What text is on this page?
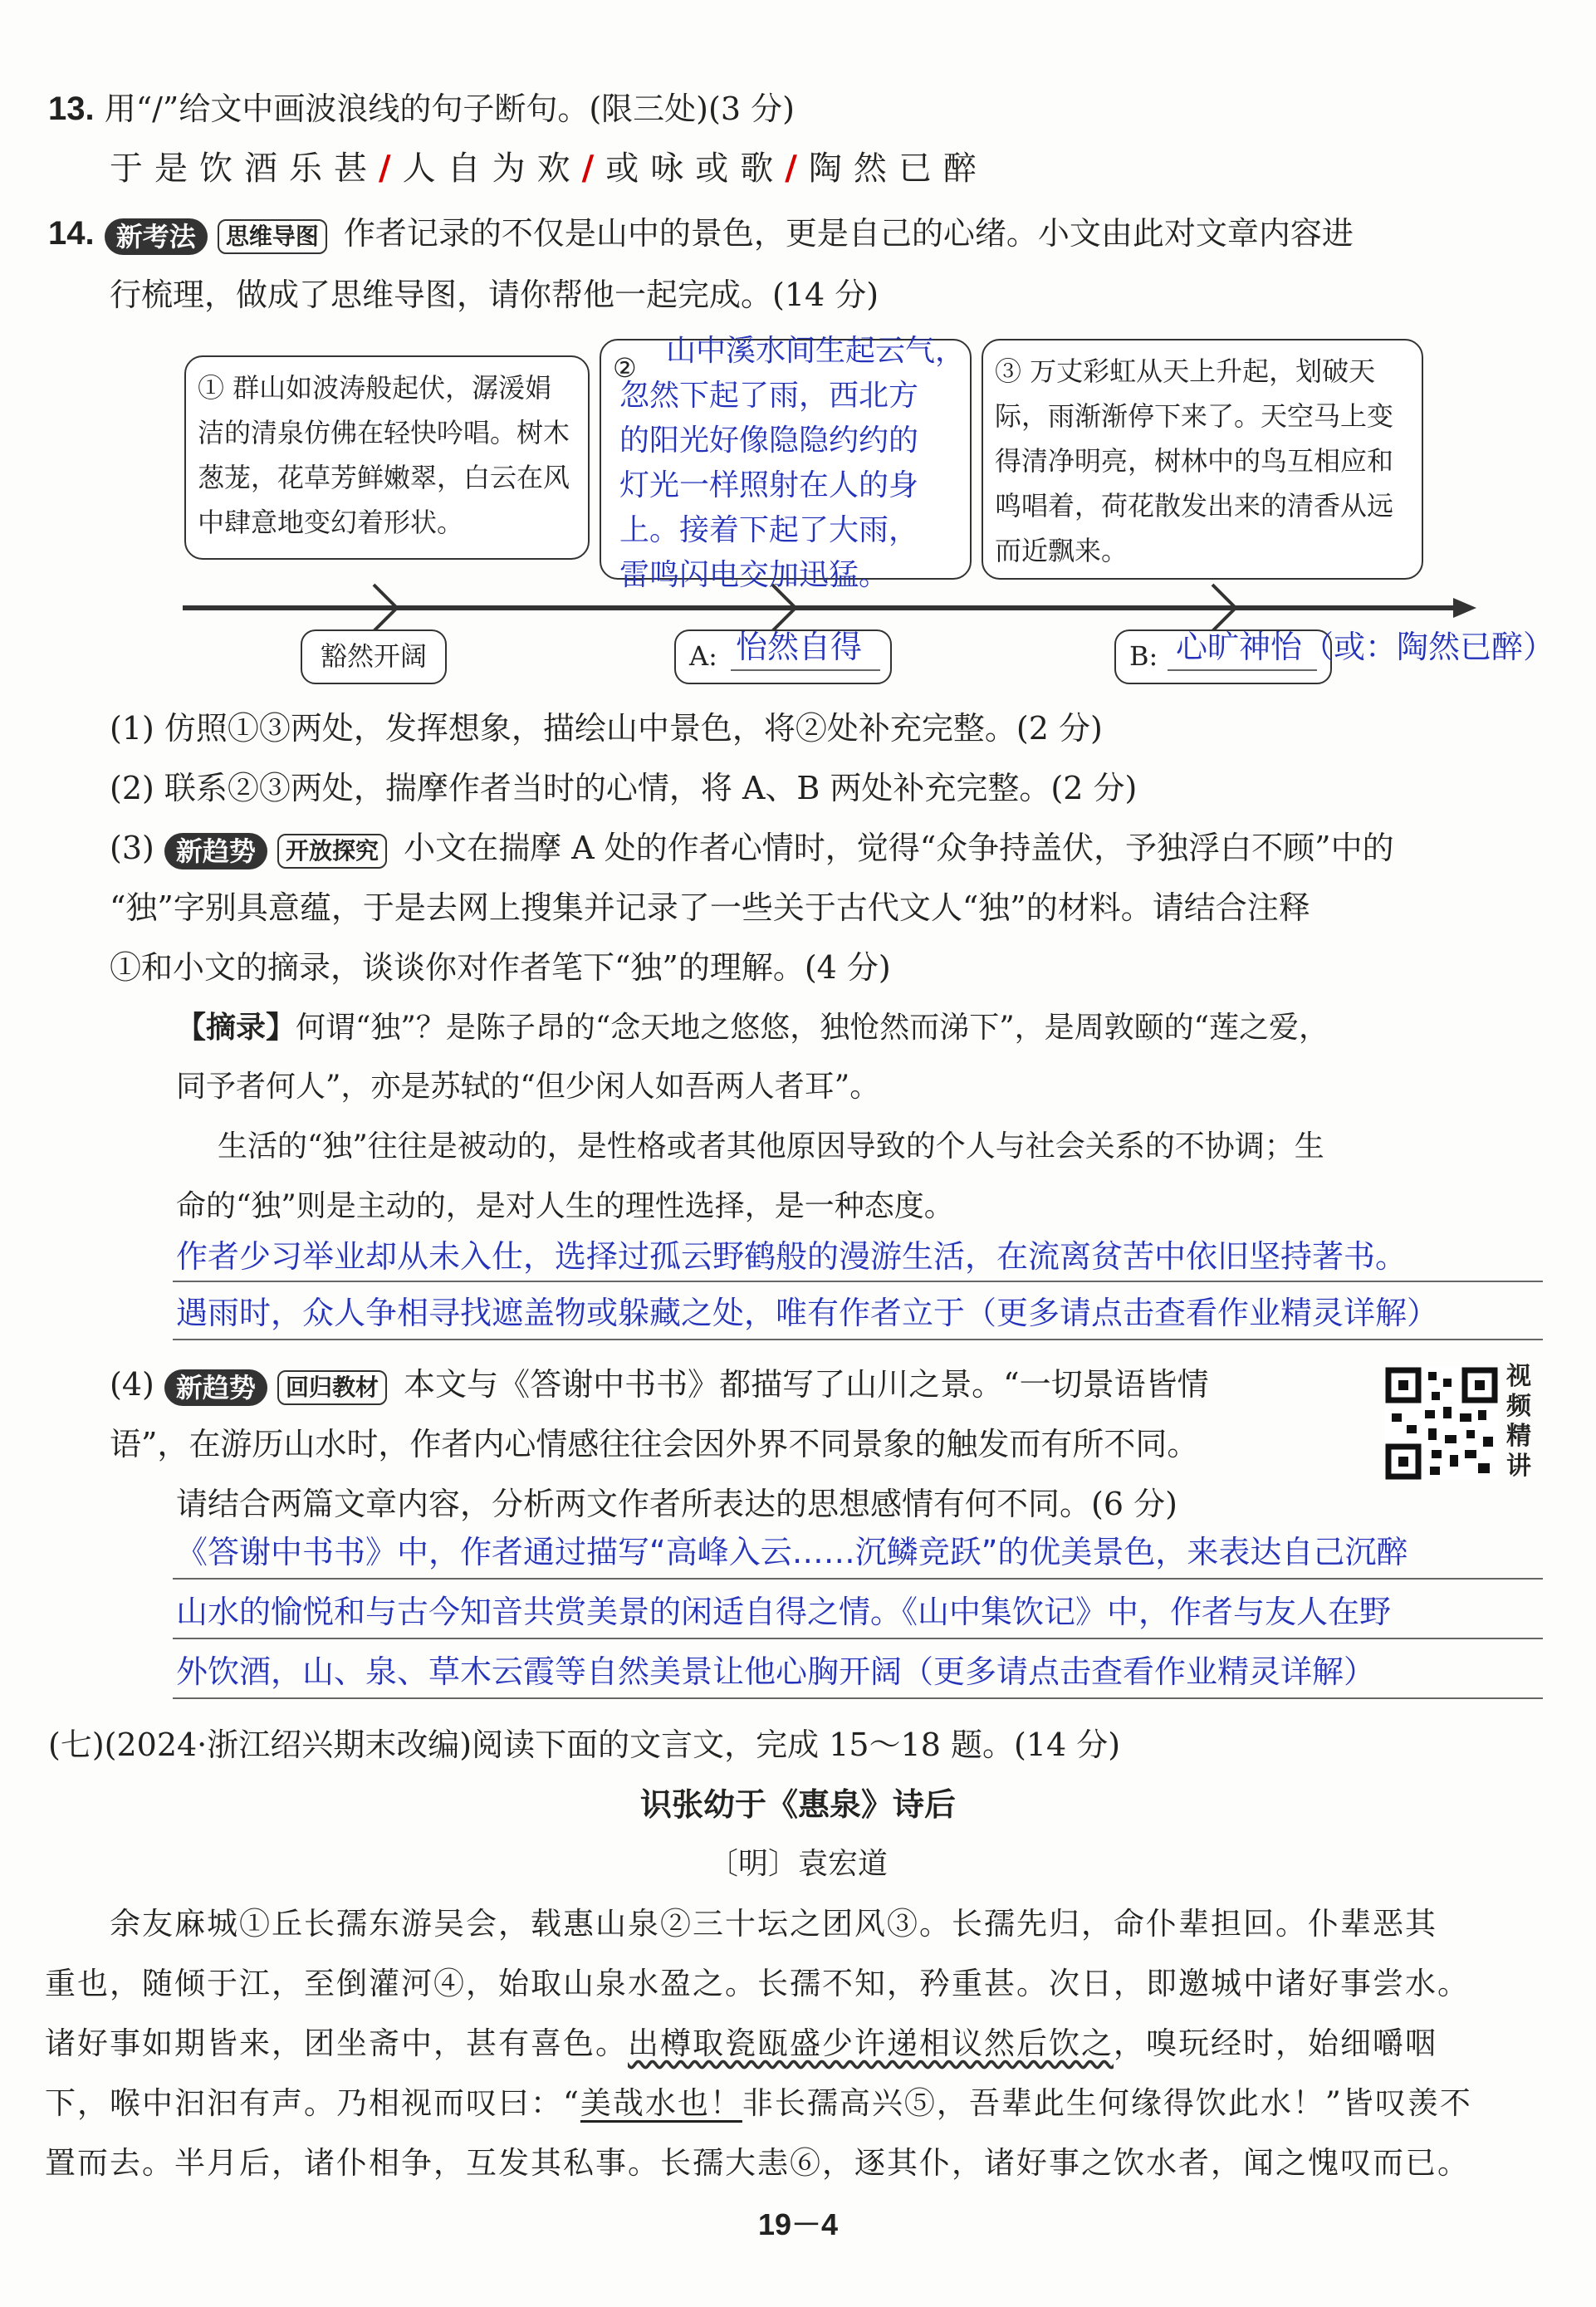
13. 用“/”给文中画波浪线的句子断句。(限三处)(3 分)
于是饮酒乐甚/人自为欢/或咏或歌/陶然已醉
14. 新考法 思维导图 作者记录的不仅是山中的景色，更是自己的心绪。小文由此对文章内容进
行梳理，做成了思维导图，请你帮他一起完成。(14 分)
① 群山如波涛般起伏，潺湲娟洁的清泉仿佛在轻快吟唱。树木葱茏，花草芳鲜嫩翠，白云在风中肆意地变幻着形状。
② 山中溪水间生起云气，
忽然下起了雨，西北方
的阳光好像隐隐约约的
灯光一样照射在人的身
上。接着下起了大雨，
雷鸣闪电交加迅猛。
③ 万丈彩虹从天上升起，划破天际，雨渐渐停下来了。天空马上变得清净明亮，树林中的鸟互相应和鸣唱着，荷花散发出来的清香从远而近飘来。
豁然开阔	A: 怡然自得	B: 心旷神怡（或：陶然已醉）
(1) 仿照①③两处，发挥想象，描绘山中景色，将②处补充完整。(2 分)
(2) 联系②③两处，揣摩作者当时的心情，将 A、B 两处补充完整。(2 分)
(3) 新趋势 开放探究 小文在揣摩 A 处的作者心情时，觉得“众争持盖伏，予独浮白不顾”中的
“独”字别具意蕴，于是去网上搜集并记录了一些关于古代文人“独”的材料。请结合注释
①和小文的摘录，谈谈你对作者笔下“独”的理解。(4 分)
【摘录】何谓“独”？是陈子昂的“念天地之悠悠，独怆然而涕下”，是周敦颐的“莲之爱，
同予者何人”，亦是苏轼的“但少闲人如吾两人者耳”。
生活的“独”往往是被动的，是性格或者其他原因导致的个人与社会关系的不协调；生
命的“独”则是主动的，是对人生的理性选择，是一种态度。
作者少习举业却从未入仕，选择过孤云野鹤般的漫游生活，在流离贫苦中依旧坚持著书。
遇雨时，众人争相寻找遮盖物或躲藏之处，唯有作者立于（更多请点击查看作业精灵详解）
(4) 新趋势 回归教材 本文与《答谢中书书》都描写了山川之景。“一切景语皆情
语”，在游历山水时，作者内心情感往往会因外界不同景象的触发而有所不同。
请结合两篇文章内容，分析两文作者所表达的思想感情有何不同。(6 分)
视频精讲
《答谢中书书》中，作者通过描写“高峰入云……沉鳞竞跃”的优美景色，来表达自己沉醉
山水的愉悦和与古今知音共赏美景的闲适自得之情。《山中集饮记》中，作者与友人在野
外饮酒，山、泉、草木云霞等自然美景让他心胸开阔（更多请点击查看作业精灵详解）
(七)(2024·浙江绍兴期末改编)阅读下面的文言文，完成 15～18 题。(14 分)
识张幼于《惠泉》诗后
〔明〕袁宏道
余友麻城①丘长孺东游吴会，载惠山泉②三十坛之团风③。长孺先归，命仆辈担回。仆辈恶其
重也，随倾于江，至倒灌河④，始取山泉水盈之。长孺不知，矜重甚。次日，即邀城中诸好事尝水。
诸好事如期皆来，团坐斋中，甚有喜色。出樽取瓷瓯盛少许递相议然后饮之，嗅玩经时，始细嚼咽
下，喉中汩汩有声。乃相视而叹曰：“美哉水也！非长孺高兴⑤，吾辈此生何缘得饮此水！”皆叹羡不
置而去。半月后，诸仆相争，互发其私事。长孺大恚⑥，逐其仆，诸好事之饮水者，闻之愧叹而已。
19－4
